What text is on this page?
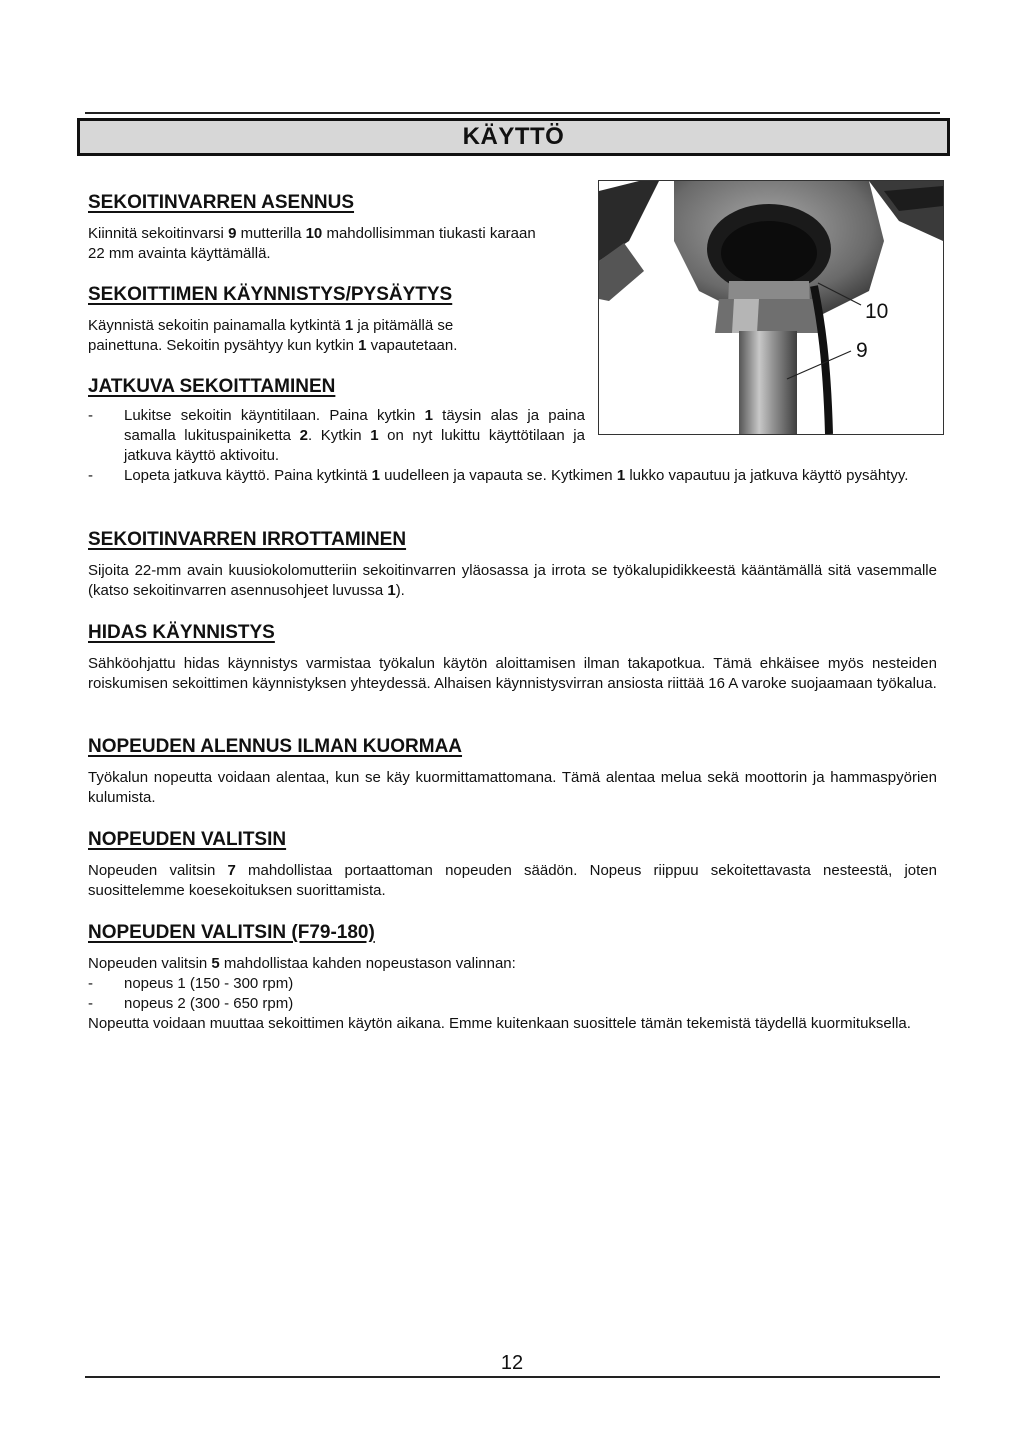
KÄYTTÖ
SEKOITINVARREN ASENNUS

Kiinnitä sekoitinvarsi 9 mutterilla 10 mahdollisimman tiukasti karaan 22 mm avainta käyttämällä.

SEKOITTIMEN KÄYNNISTYS/PYSÄYTYS

Käynnistä sekoitin painamalla kytkintä 1 ja pitämällä se painettuna. Sekoitin pysähtyy kun kytkin 1 vapautetaan.

JATKUVA SEKOITTAMINEN
- Lukitse sekoitin käyntitilaan. Paina kytkin 1 täysin alas ja paina samalla lukituspainiketta 2. Kytkin 1 on nyt lukittu käyttötilaan ja jatkuva käyttö aktivoitu.
- Lopeta jatkuva käyttö. Paina kytkintä 1 uudelleen ja vapauta se. Kytkimen 1 lukko vapautuu ja jatkuva käyttö pysähtyy.
10
9
SEKOITINVARREN IRROTTAMINEN

Sijoita 22-mm avain kuusiokolomutteriin sekoitinvarren yläosassa ja irrota se työkalupidikkeestä kääntämällä sitä vasemmalle (katso sekoitinvarren asennusohjeet luvussa 1).

HIDAS KÄYNNISTYS

Sähköohjattu hidas käynnistys varmistaa työkalun käytön aloittamisen ilman takapotkua. Tämä ehkäisee myös nesteiden roiskumisen sekoittimen käynnistyksen yhteydessä. Alhaisen käynnistysvirran ansiosta riittää 16 A varoke suojaamaan työkalua.

NOPEUDEN ALENNUS ILMAN KUORMAA

Työkalun nopeutta voidaan alentaa, kun se käy kuormittamattomana. Tämä alentaa melua sekä moottorin ja hammaspyörien kulumista.

NOPEUDEN VALITSIN

Nopeuden valitsin 7 mahdollistaa portaattoman nopeuden säädön. Nopeus riippuu sekoitettavasta nesteestä, joten suosittelemme koesekoituksen suorittamista.

NOPEUDEN VALITSIN (F79-180)

Nopeuden valitsin 5 mahdollistaa kahden nopeustason valinnan:

- nopeus 1 (150 - 300 rpm)
- nopeus 2 (300 - 650 rpm)

Nopeutta voidaan muuttaa sekoittimen käytön aikana. Emme kuitenkaan suosittele tämän tekemistä täydellä kuormituksella.

12
